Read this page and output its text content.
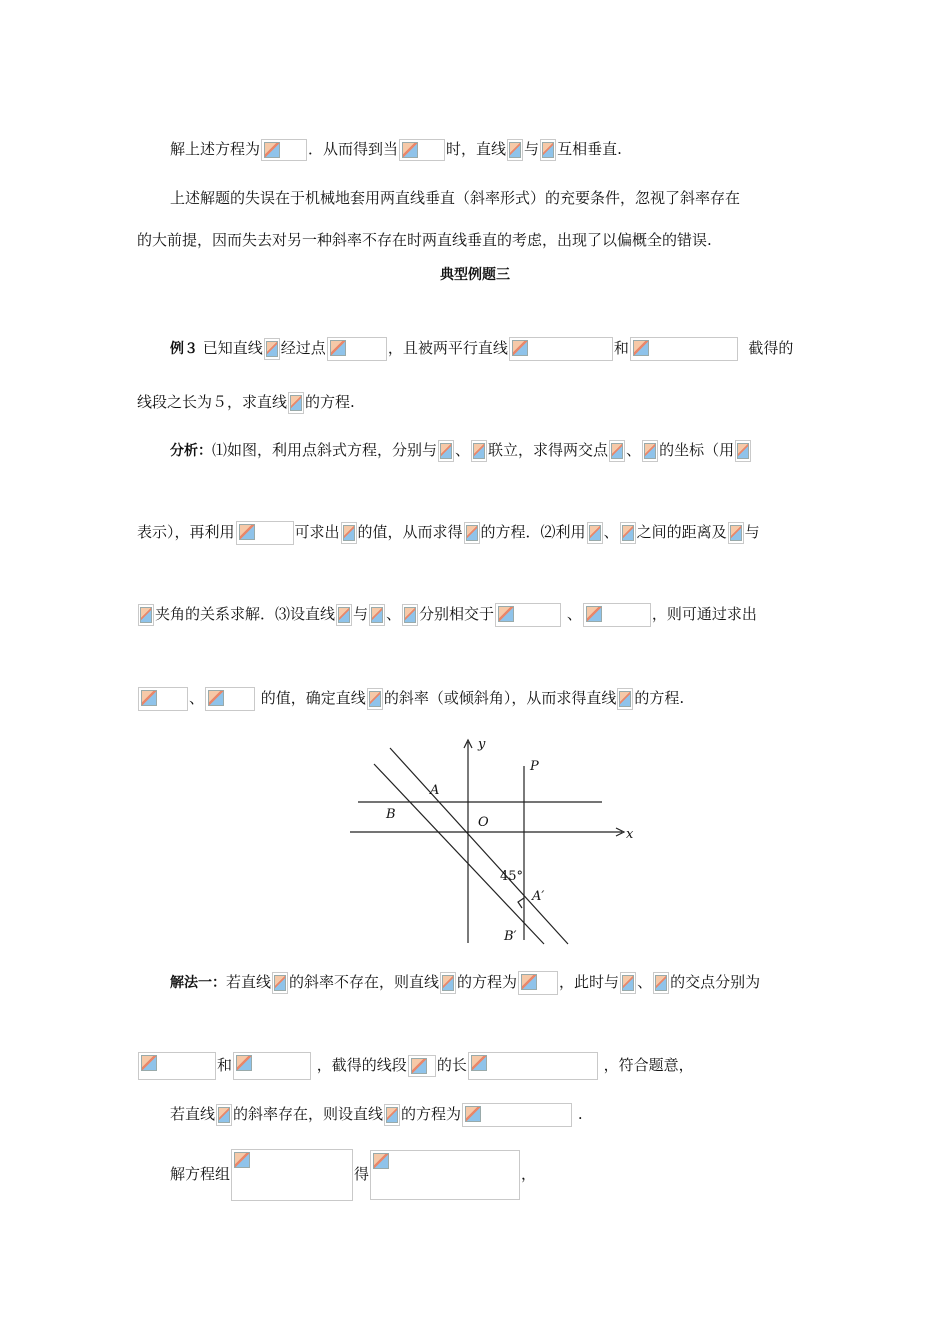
解上述方程为	．从而得到当	时，直线 与 互相垂直.
上述解题的失误在于机械地套用两直线垂直（斜率形式）的充要条件，忽视了斜率存在
的大前提，因而失去对另一种斜率不存在时两直线垂直的考虑，出现了以偏概全的错误.
典型例题三
例３ 已知直线 经过点	，且被两平行直线	和	截得的
线段之长为５，求直线 的方程.
分析：⑴如图，利用点斜式方程，分别与 、 联立，求得两交点 、 的坐标（用
表示），再利用	可求出 的值，从而求得 的方程．⑵利用 、 之间的距离及 与
夹角的关系求解．⑶设直线 与 、 分别相交于	、	，则可通过求出
、	的值，确定直线 的斜率（或倾斜角），从而求得直线 的方程.
y
x
P
A
B
O
45°
A′
B′
解法一：若直线 的斜率不存在，则直线 的方程为	，此时与 、 的交点分别为
和	，截得的线段 的长	，符合题意，
若直线 的斜率存在，则设直线 的方程为	.
解方程组	得	，
